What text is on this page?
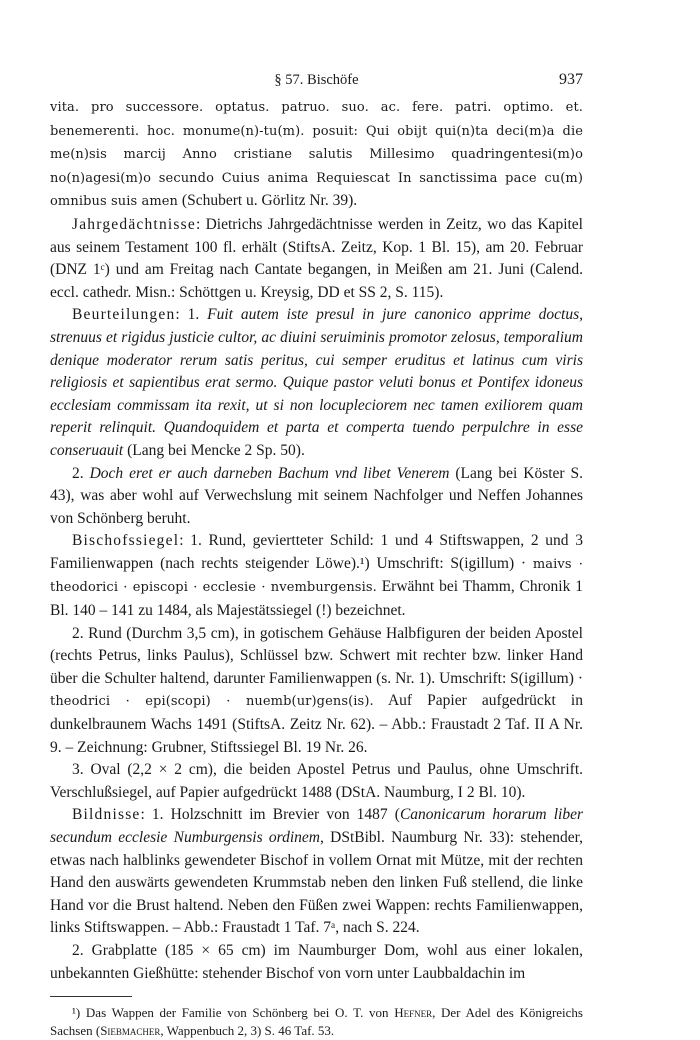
§ 57. Bischöfe	937

vita. pro successore. optatus. patruo. suo. ac. fere. patri. optimo. et. benemerenti. hoc. monume(n)-tu(m). posuit: Qui obijt qui(n)ta deci(m)a die me(n)sis marcij Anno cristiane salutis Millesimo quadringentesi(m)o no(n)agesi(m)o secundo Cuius anima Requiescat In sanctissima pace cu(m) omnibus suis amen (Schubert u. Görlitz Nr. 39).

Jahrgedächtnisse: Dietrichs Jahrgedächtnisse werden in Zeitz, wo das Kapitel aus seinem Testament 100 fl. erhält (StiftsA. Zeitz, Kop. 1 Bl. 15), am 20. Februar (DNZ 1ᶜ) und am Freitag nach Cantate begangen, in Meißen am 21. Juni (Calend. eccl. cathedr. Misn.: Schöttgen u. Kreysig, DD et SS 2, S. 115).

Beurteilungen: 1. Fuit autem iste presul in jure canonico apprime doctus, strenuus et rigidus justicie cultor, ac diuini seruiminis promotor zelosus, temporalium denique moderator rerum satis peritus, cui semper eruditus et latinus cum viris religiosis et sapientibus erat sermo. Quique pastor veluti bonus et Pontifex idoneus ecclesiam commissam ita rexit, ut si non locupleciorem nec tamen exiliorem quam reperit relinquit. Quandoquidem et parta et comperta tuendo perpulchre in esse conseruauit (Lang bei Mencke 2 Sp. 50).

2. Doch eret er auch darneben Bachum vnd libet Venerem (Lang bei Köster S. 43), was aber wohl auf Verwechslung mit seinem Nachfolger und Neffen Johannes von Schönberg beruht.

Bischofssiegel: 1. Rund, geviertteter Schild: 1 und 4 Stiftswappen, 2 und 3 Familienwappen (nach rechts steigender Löwe).¹) Umschrift: S(igillum) · maivs · theodorici · episcopi · ecclesie · nvemburgensis. Erwähnt bei Thamm, Chronik 1 Bl. 140 – 141 zu 1484, als Majestätssiegel (!) bezeichnet.

2. Rund (Durchm 3,5 cm), in gotischem Gehäuse Halbfiguren der beiden Apostel (rechts Petrus, links Paulus), Schlüssel bzw. Schwert mit rechter bzw. linker Hand über die Schulter haltend, darunter Familienwappen (s. Nr. 1). Umschrift: S(igillum) · theodrici · epi(scopi) · nuemb(ur)gens(is). Auf Papier aufgedrückt in dunkelbraunem Wachs 1491 (StiftsA. Zeitz Nr. 62). – Abb.: Fraustadt 2 Taf. II A Nr. 9. – Zeichnung: Grubner, Stiftssiegel Bl. 19 Nr. 26.

3. Oval (2,2 × 2 cm), die beiden Apostel Petrus und Paulus, ohne Umschrift. Verschlußsiegel, auf Papier aufgedrückt 1488 (DStA. Naumburg, I 2 Bl. 10).

Bildnisse: 1. Holzschnitt im Brevier von 1487 (Canonicarum horarum liber secundum ecclesie Numburgensis ordinem, DStBibl. Naumburg Nr. 33): stehender, etwas nach halblinks gewendeter Bischof in vollem Ornat mit Mütze, mit der rechten Hand den auswärts gewendeten Krummstab neben den linken Fuß stellend, die linke Hand vor die Brust haltend. Neben den Füßen zwei Wappen: rechts Familienwappen, links Stiftswappen. – Abb.: Fraustadt 1 Taf. 7ᵃ, nach S. 224.

2. Grabplatte (185 × 65 cm) im Naumburger Dom, wohl aus einer lokalen, unbekannten Gießhütte: stehender Bischof von vorn unter Laubbaldachin im

¹) Das Wappen der Familie von Schönberg bei O. T. von Hefner, Der Adel des Königreichs Sachsen (Siebmacher, Wappenbuch 2, 3) S. 46 Taf. 53.
